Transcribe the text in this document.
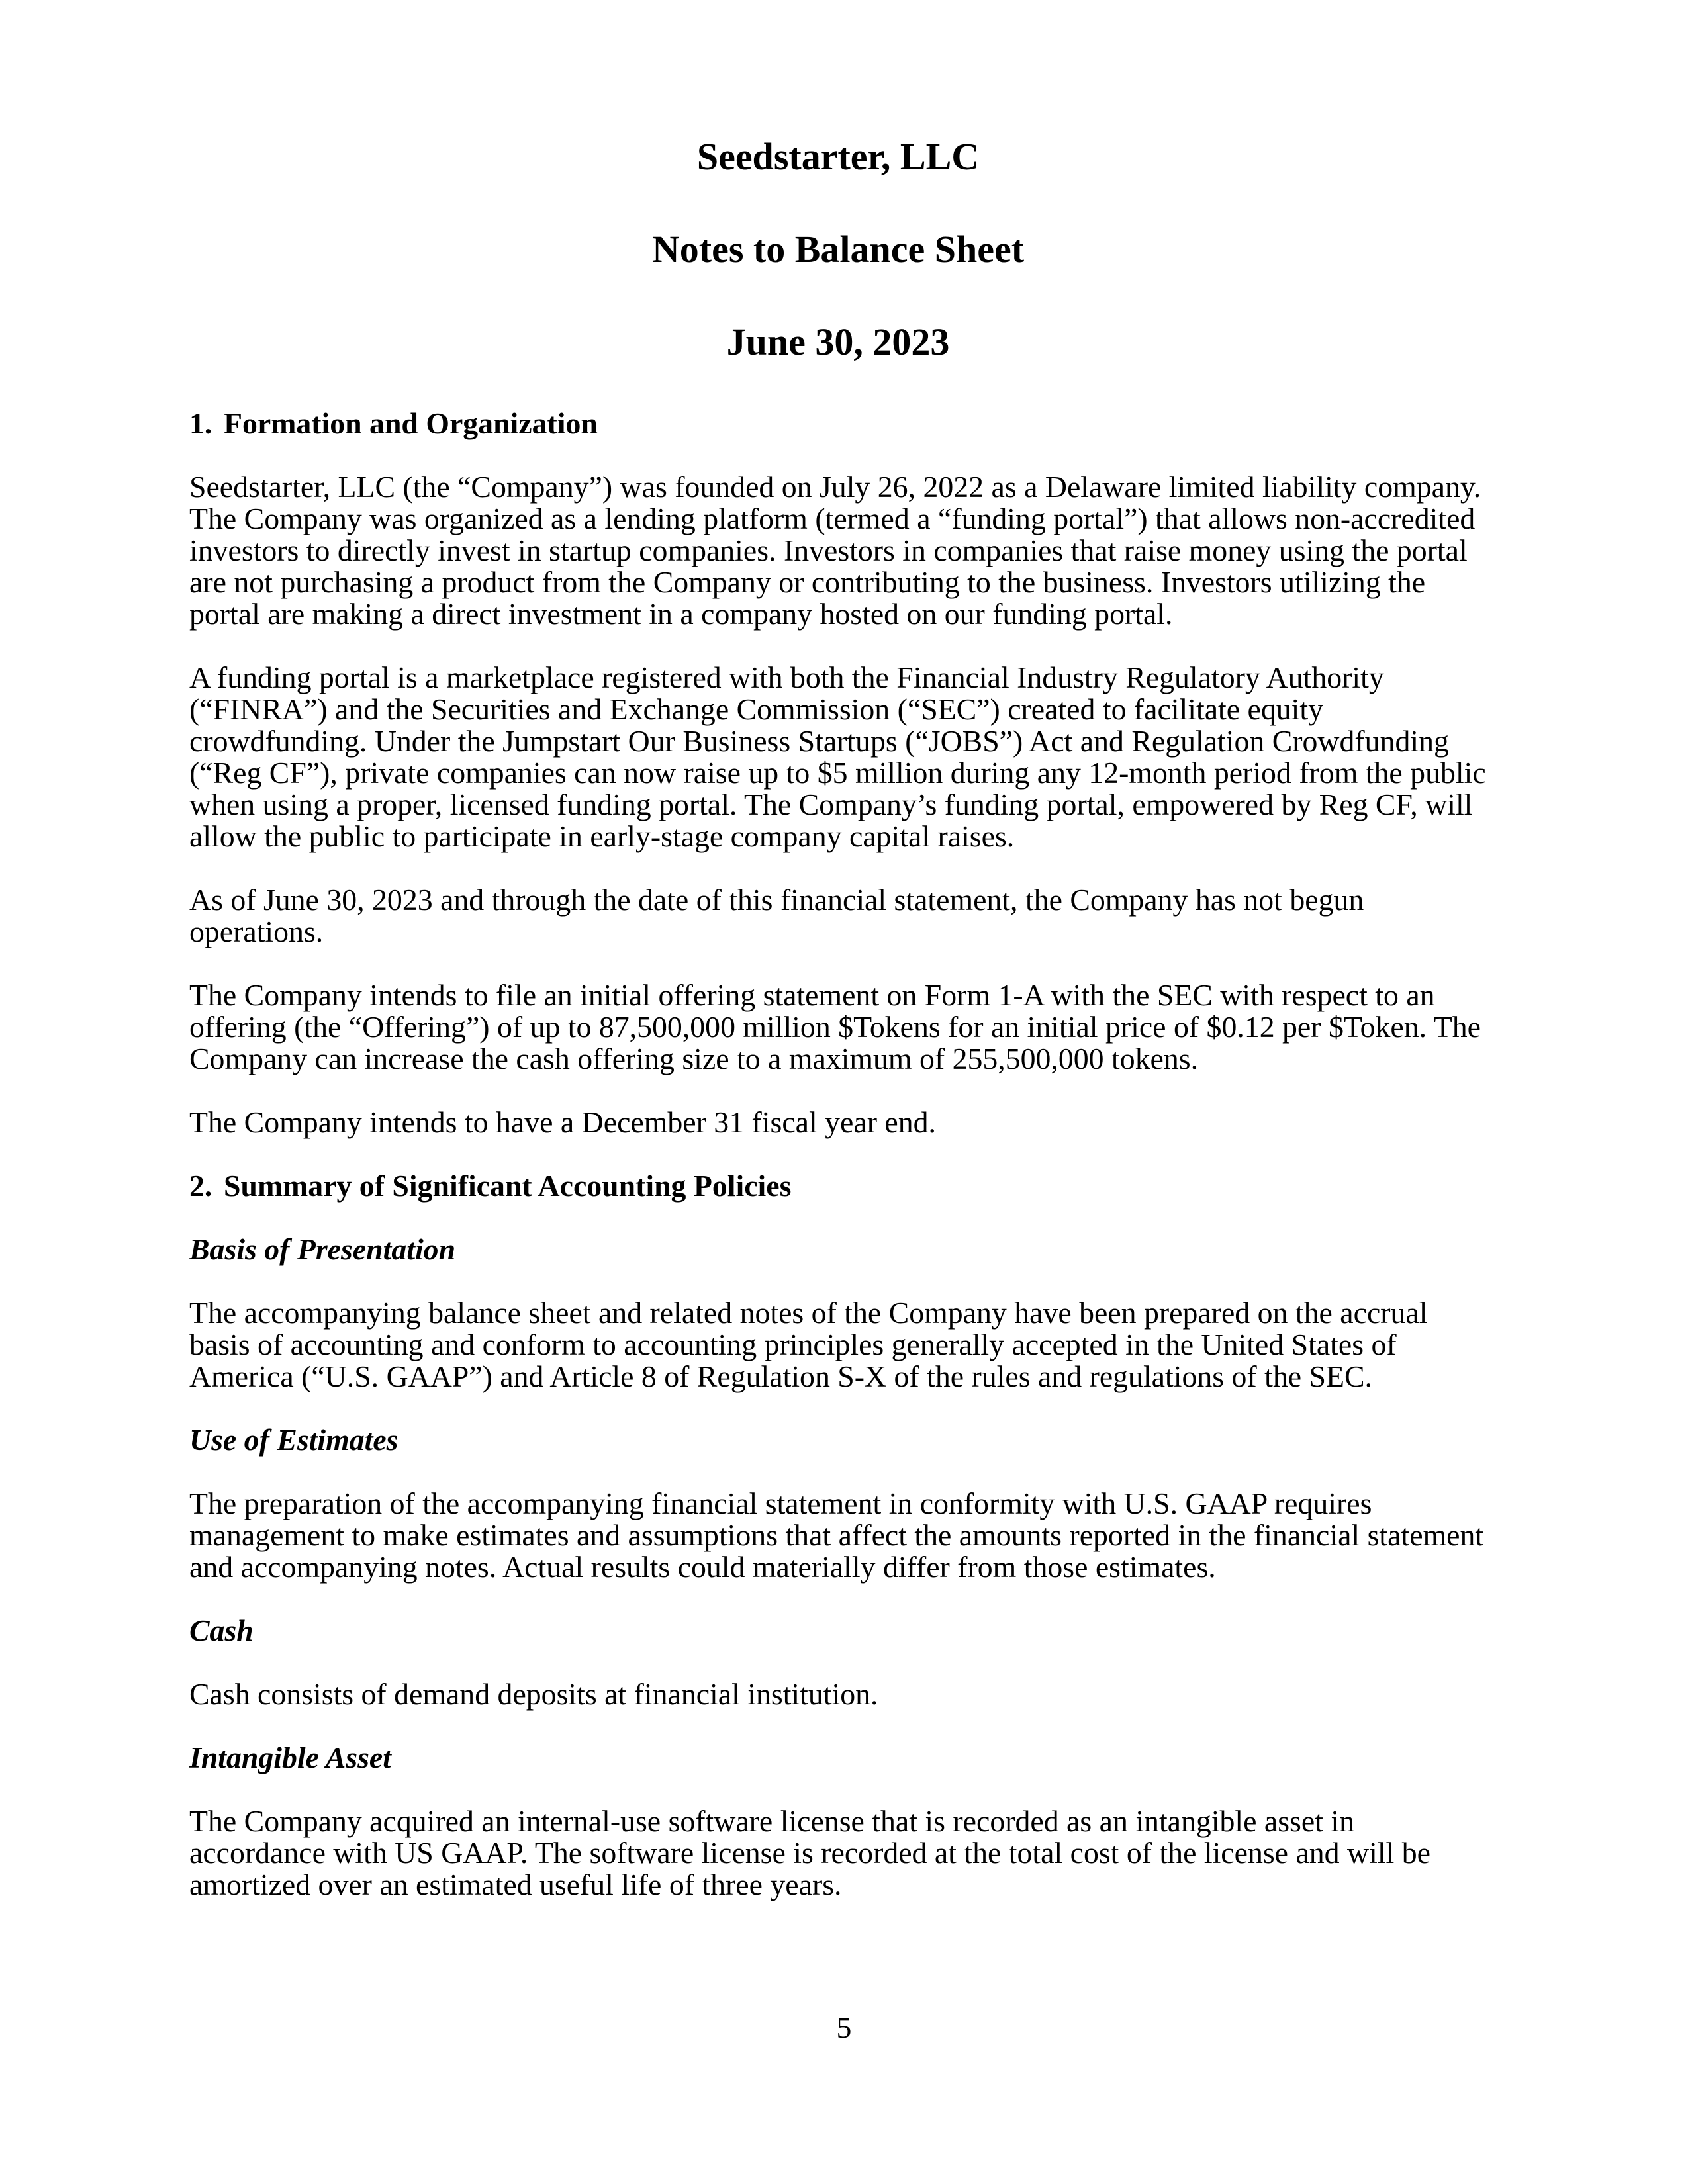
Seedstarter, LLC
Notes to Balance Sheet
June 30, 2023
1. Formation and Organization

Seedstarter, LLC (the “Company”) was founded on July 26, 2022 as a Delaware limited liability company. The Company was organized as a lending platform (termed a “funding portal”) that allows non-accredited investors to directly invest in startup companies. Investors in companies that raise money using the portal are not purchasing a product from the Company or contributing to the business. Investors utilizing the portal are making a direct investment in a company hosted on our funding portal.

A funding portal is a marketplace registered with both the Financial Industry Regulatory Authority (“FINRA”) and the Securities and Exchange Commission (“SEC”) created to facilitate equity crowdfunding. Under the Jumpstart Our Business Startups (“JOBS”) Act and Regulation Crowdfunding (“Reg CF”), private companies can now raise up to $5 million during any 12-month period from the public when using a proper, licensed funding portal. The Company’s funding portal, empowered by Reg CF, will allow the public to participate in early-stage company capital raises.

As of June 30, 2023 and through the date of this financial statement, the Company has not begun operations.

The Company intends to file an initial offering statement on Form 1-A with the SEC with respect to an offering (the “Offering”) of up to 87,500,000 million $Tokens for an initial price of $0.12 per $Token. The Company can increase the cash offering size to a maximum of 255,500,000 tokens.

The Company intends to have a December 31 fiscal year end.

2. Summary of Significant Accounting Policies
Basis of Presentation

The accompanying balance sheet and related notes of the Company have been prepared on the accrual basis of accounting and conform to accounting principles generally accepted in the United States of America (“U.S. GAAP”) and Article 8 of Regulation S-X of the rules and regulations of the SEC.

Use of Estimates

The preparation of the accompanying financial statement in conformity with U.S. GAAP requires management to make estimates and assumptions that affect the amounts reported in the financial statement and accompanying notes. Actual results could materially differ from those estimates.

Cash

Cash consists of demand deposits at financial institution.

Intangible Asset

The Company acquired an internal-use software license that is recorded as an intangible asset in accordance with US GAAP. The software license is recorded at the total cost of the license and will be amortized over an estimated useful life of three years.

5
